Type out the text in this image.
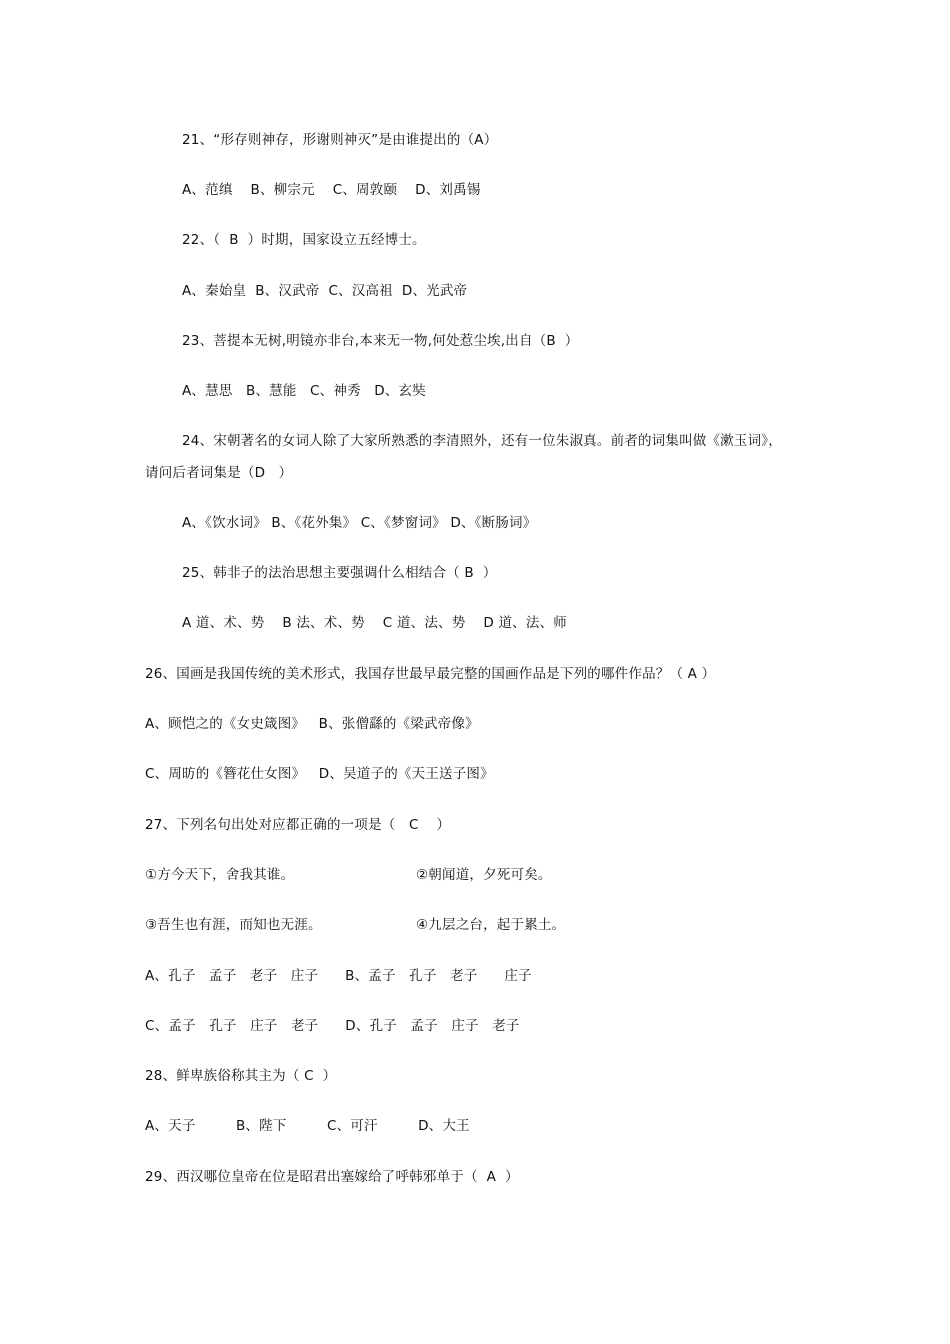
21、“形存则神存，形谢则神灭”是由谁提出的（A）
A、范缜    B、柳宗元    C、周敦颐    D、刘禹锡
22、（  B  ）时期，国家设立五经博士。
A、秦始皇  B、汉武帝  C、汉高祖  D、光武帝
23、菩提本无树,明镜亦非台,本来无一物,何处惹尘埃,出自（B  ）
A、慧思   B、慧能   C、神秀   D、玄奘
24、宋朝著名的女词人除了大家所熟悉的李清照外，还有一位朱淑真。前者的词集叫做《漱玉词》，
请问后者词集是（D   ）
A、《饮水词》 B、《花外集》 C、《梦窗词》 D、《断肠词》
25、韩非子的法治思想主要强调什么相结合（ B  ）
A 道、术、势    B 法、术、势    C 道、法、势    D 道、法、师
26、国画是我国传统的美术形式，我国存世最早最完整的国画作品是下列的哪件作品？（ A ）
A、顾恺之的《女史箴图》   B、张僧繇的《梁武帝像》
C、周昉的《簪花仕女图》   D、吴道子的《天王送子图》
27、下列名句出处对应都正确的一项是（   C    ）
①方今天下，舍我其谁。	②朝闻道，夕死可矣。
③吾生也有涯，而知也无涯。	④九层之台，起于累土。
A、孔子   孟子   老子   庄子      B、孟子   孔子   老子      庄子
C、孟子   孔子   庄子   老子      D、孔子   孟子   庄子   老子
28、鲜卑族俗称其主为（ C  ）
A、天子         B、陛下         C、可汗         D、大王
29、西汉哪位皇帝在位是昭君出塞嫁给了呼韩邪单于（  A  ）
